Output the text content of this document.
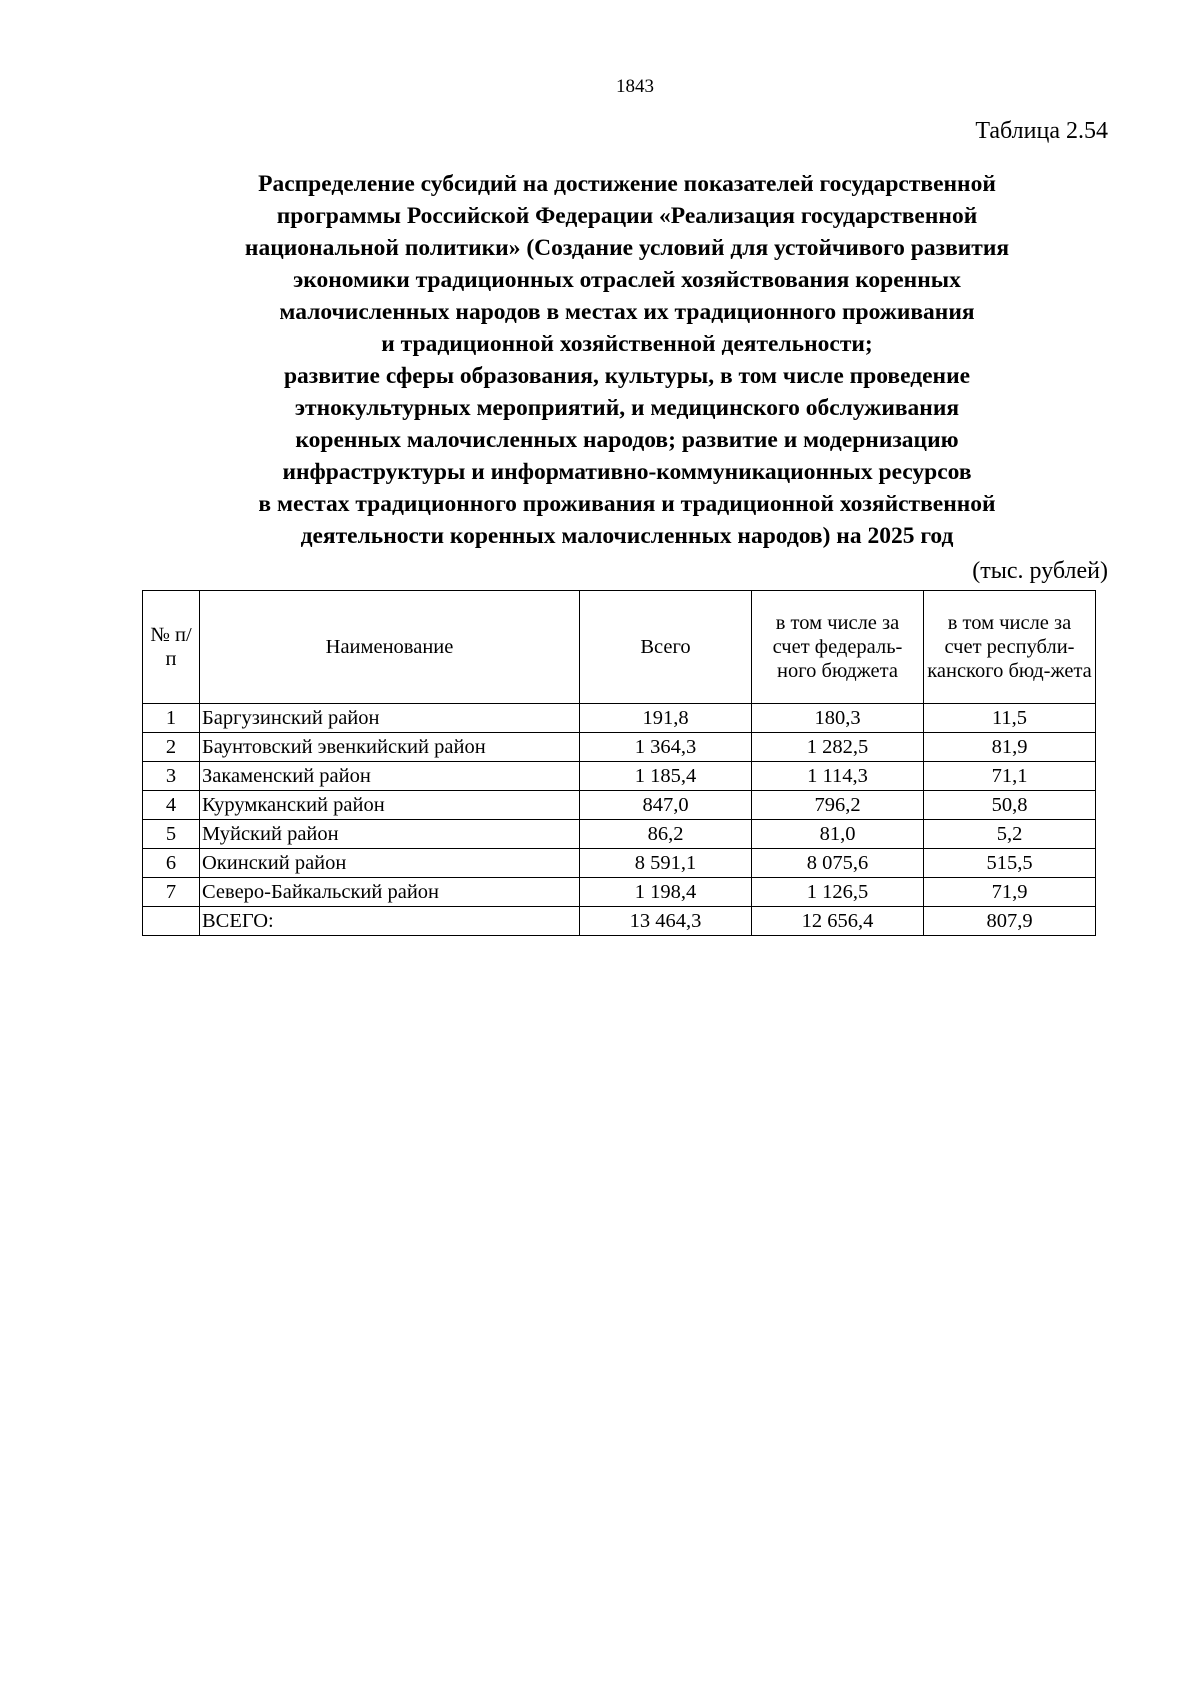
1843
Таблица 2.54
Распределение субсидий на достижение показателей государственной
программы Российской Федерации «Реализация государственной
национальной политики» (Создание условий для устойчивого развития
экономики традиционных отраслей хозяйствования коренных
малочисленных народов в местах их традиционного проживания
и традиционной хозяйственной деятельности;
развитие сферы образования, культуры, в том числе проведение
этнокультурных мероприятий, и медицинского обслуживания
коренных малочисленных народов; развитие и модернизацию
инфраструктуры и информативно-коммуникационных ресурсов
в местах традиционного проживания и традиционной хозяйственной
деятельности коренных малочисленных народов) на 2025 год
(тыс. рублей)
№ п/п	Наименование	Всего	в том числе за счет федераль-ного бюджета	в том числе за счет республи-канского бюд-жета
1	Баргузинский район	191,8	180,3	11,5
2	Баунтовский эвенкийский район	1 364,3	1 282,5	81,9
3	Закаменский район	1 185,4	1 114,3	71,1
4	Курумканский район	847,0	796,2	50,8
5	Муйский район	86,2	81,0	5,2
6	Окинский район	8 591,1	8 075,6	515,5
7	Северо-Байкальский район	1 198,4	1 126,5	71,9
	ВСЕГО:	13 464,3	12 656,4	807,9
